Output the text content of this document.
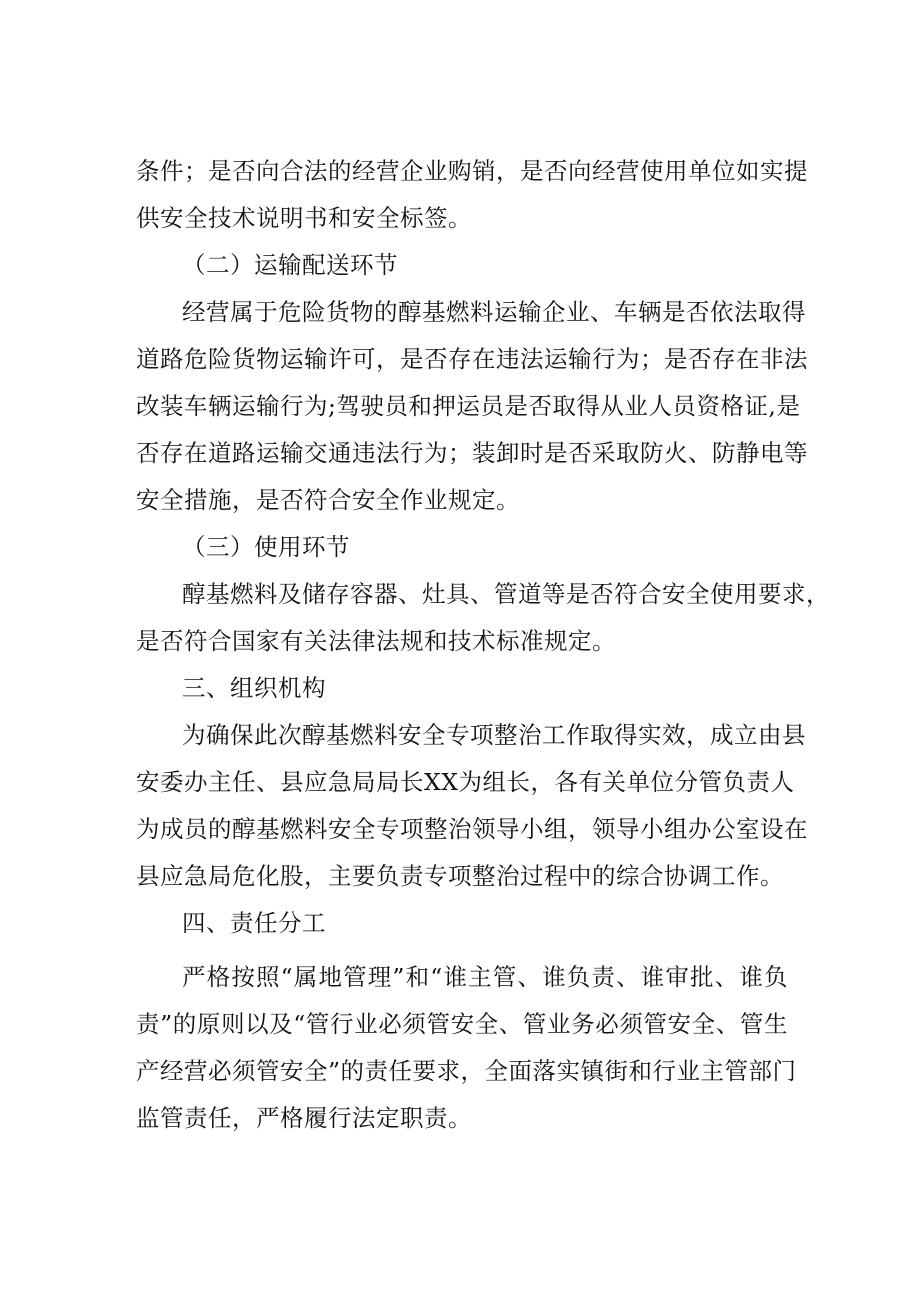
条件；是否向合法的经营企业购销，是否向经营使用单位如实提
供安全技术说明书和安全标签。
（二）运输配送环节
经营属于危险货物的醇基燃料运输企业、车辆是否依法取得
道路危险货物运输许可，是否存在违法运输行为；是否存在非法
改装车辆运输行为;驾驶员和押运员是否取得从业人员资格证,是
否存在道路运输交通违法行为；装卸时是否采取防火、防静电等
安全措施，是否符合安全作业规定。
（三）使用环节
醇基燃料及储存容器、灶具、管道等是否符合安全使用要求，
是否符合国家有关法律法规和技术标准规定。
三、组织机构
为确保此次醇基燃料安全专项整治工作取得实效，成立由县
安委办主任、县应急局局长XX为组长，各有关单位分管负责人
为成员的醇基燃料安全专项整治领导小组，领导小组办公室设在
县应急局危化股，主要负责专项整治过程中的综合协调工作。
四、责任分工
严格按照“属地管理”和“谁主管、谁负责、谁审批、谁负
责”的原则以及“管行业必须管安全、管业务必须管安全、管生
产经营必须管安全”的责任要求，全面落实镇街和行业主管部门
监管责任，严格履行法定职责。
